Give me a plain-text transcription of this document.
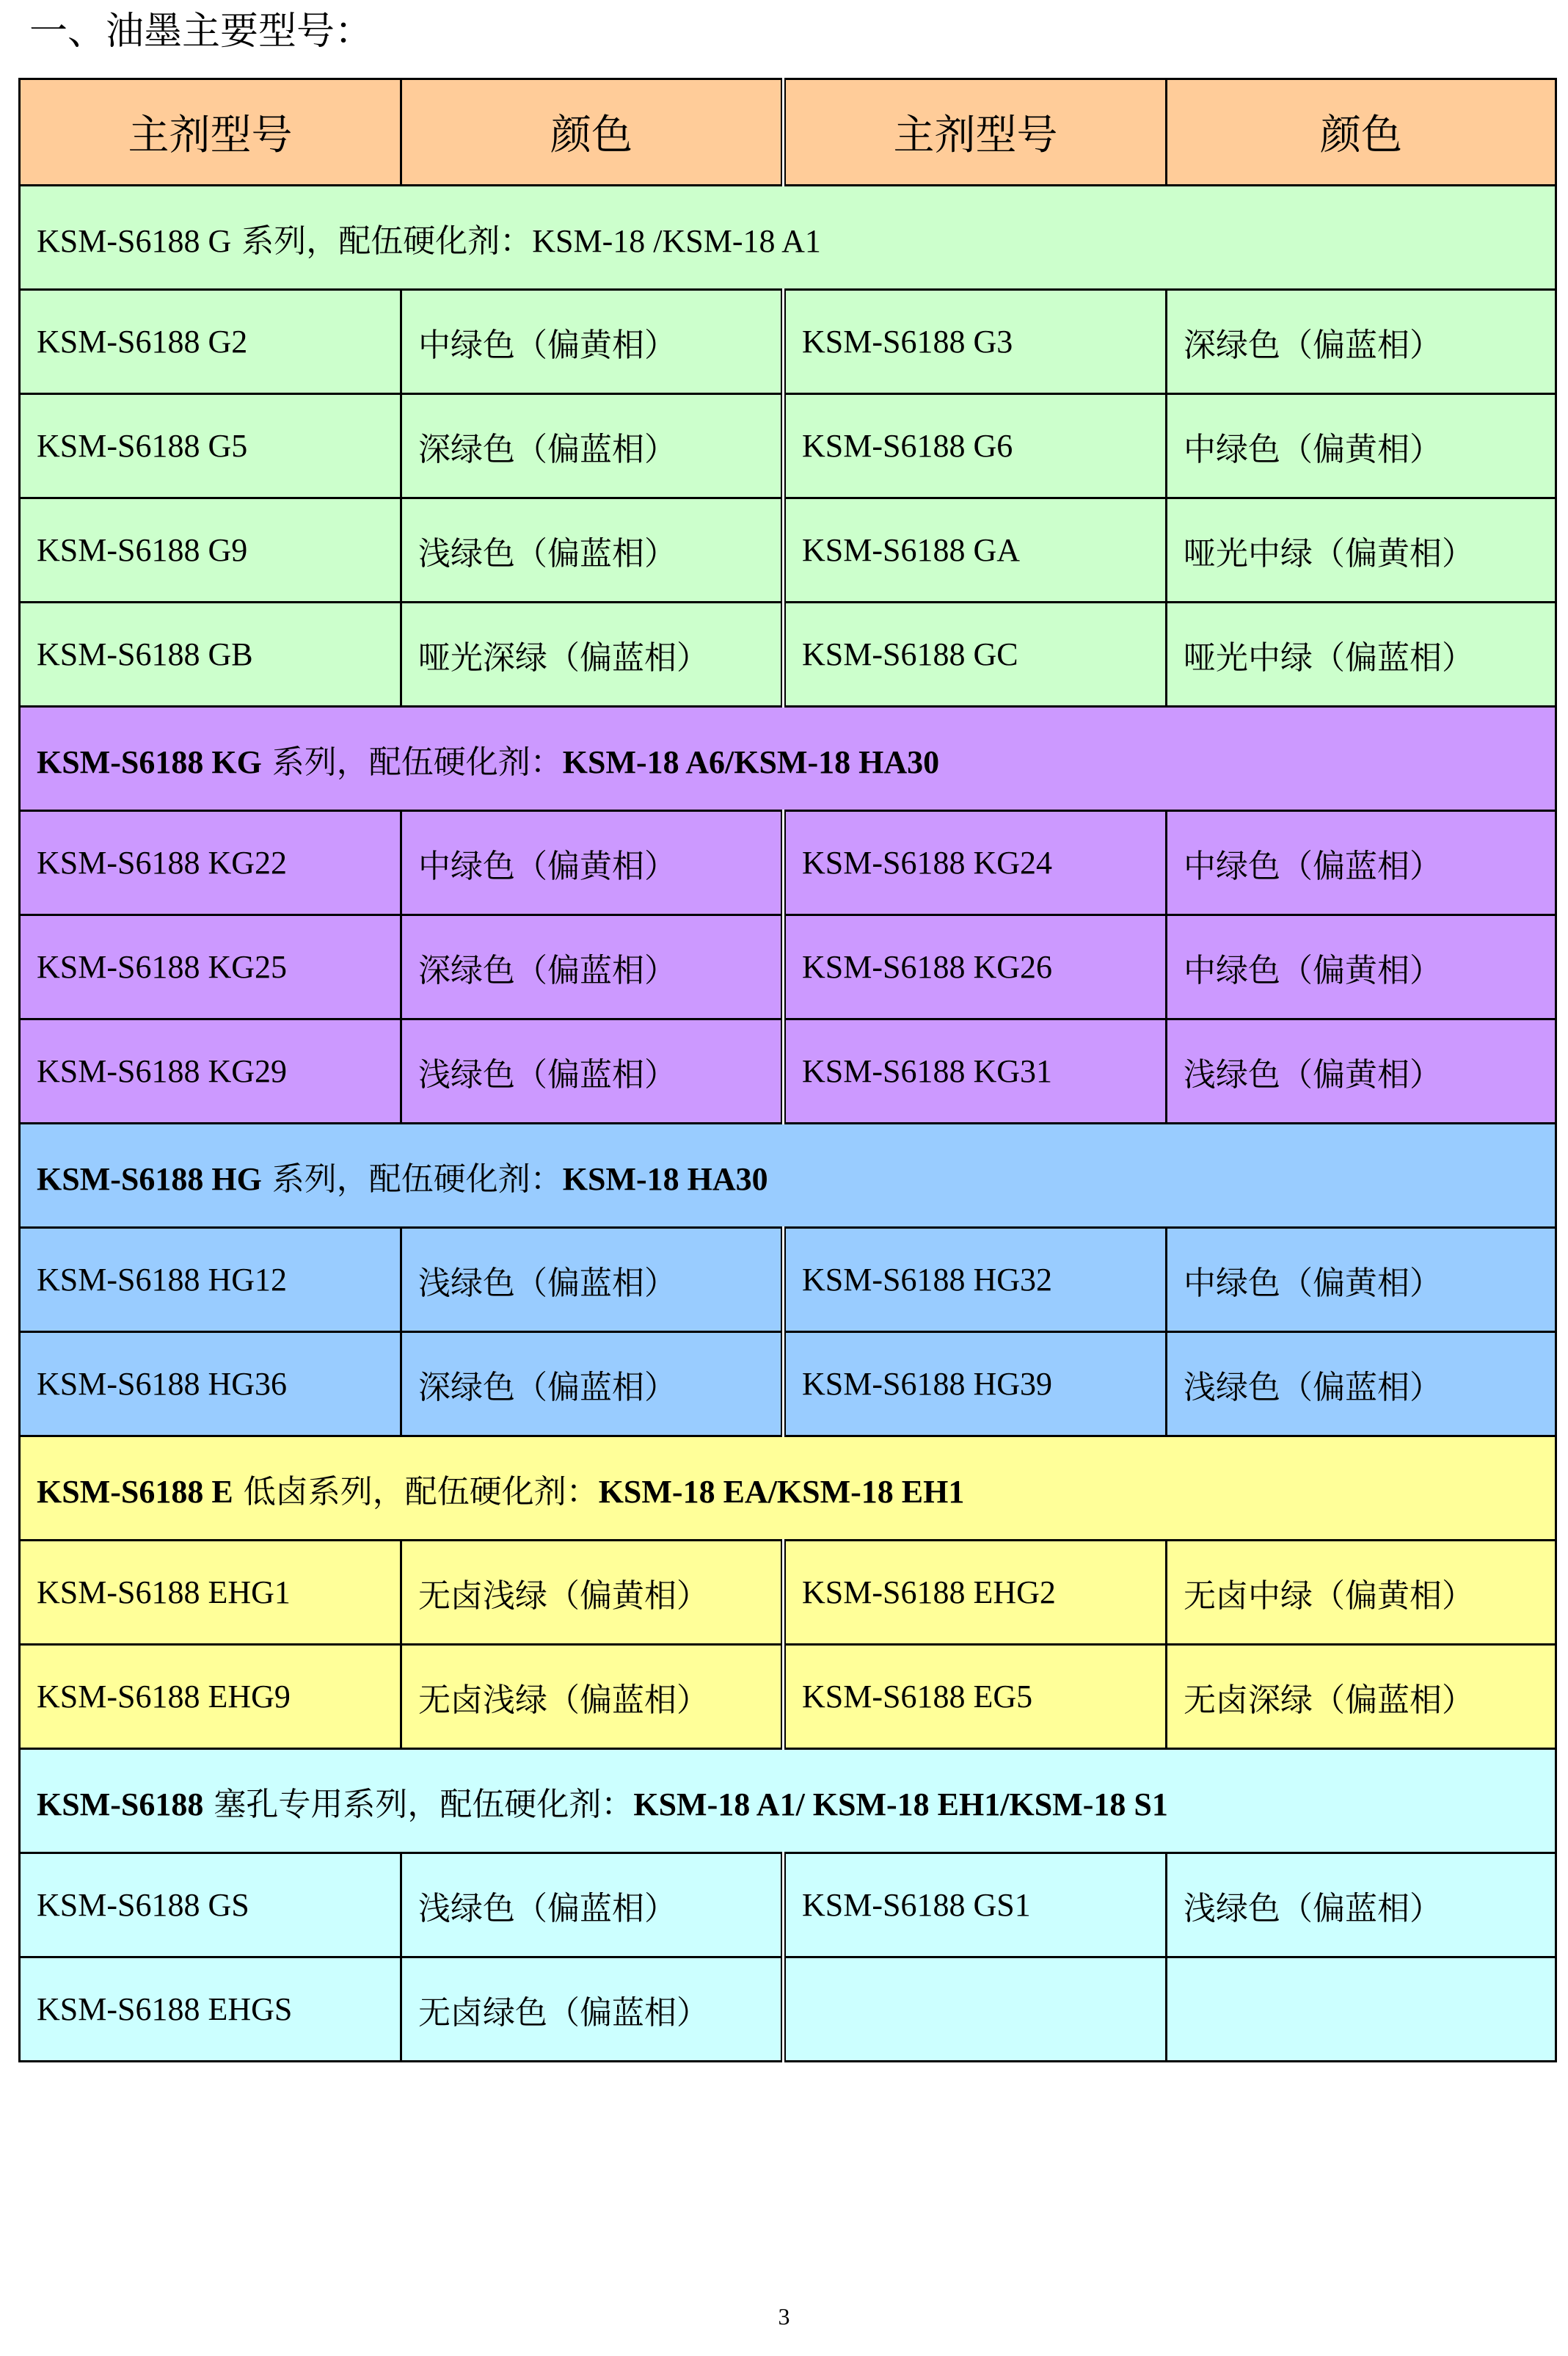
一、油墨主要型号：
主剂型号	颜色	主剂型号	颜色
KSM-S6188 G 系列，配伍硬化剂：KSM-18 /KSM-18 A1			
KSM-S6188 G2	中绿色（偏黄相）	KSM-S6188 G3	深绿色（偏蓝相）
KSM-S6188 G5	深绿色（偏蓝相）	KSM-S6188 G6	中绿色（偏黄相）
KSM-S6188 G9	浅绿色（偏蓝相）	KSM-S6188 GA	哑光中绿（偏黄相）
KSM-S6188 GB	哑光深绿（偏蓝相）	KSM-S6188 GC	哑光中绿（偏蓝相）
KSM-S6188 KG 系列，配伍硬化剂：KSM-18 A6/KSM-18 HA30			
KSM-S6188 KG22	中绿色（偏黄相）	KSM-S6188 KG24	中绿色（偏蓝相）
KSM-S6188 KG25	深绿色（偏蓝相）	KSM-S6188 KG26	中绿色（偏黄相）
KSM-S6188 KG29	浅绿色（偏蓝相）	KSM-S6188 KG31	浅绿色（偏黄相）
KSM-S6188 HG 系列，配伍硬化剂：KSM-18 HA30			
KSM-S6188 HG12	浅绿色（偏蓝相）	KSM-S6188 HG32	中绿色（偏黄相）
KSM-S6188 HG36	深绿色（偏蓝相）	KSM-S6188 HG39	浅绿色（偏蓝相）
KSM-S6188 E 低卤系列，配伍硬化剂：KSM-18 EA/KSM-18 EH1			
KSM-S6188 EHG1	无卤浅绿（偏黄相）	KSM-S6188 EHG2	无卤中绿（偏黄相）
KSM-S6188 EHG9	无卤浅绿（偏蓝相）	KSM-S6188 EG5	无卤深绿（偏蓝相）
KSM-S6188 塞孔专用系列，配伍硬化剂：KSM-18 A1/ KSM-18 EH1/KSM-18 S1			
KSM-S6188 GS	浅绿色（偏蓝相）	KSM-S6188 GS1	浅绿色（偏蓝相）
KSM-S6188 EHGS	无卤绿色（偏蓝相）		
3
